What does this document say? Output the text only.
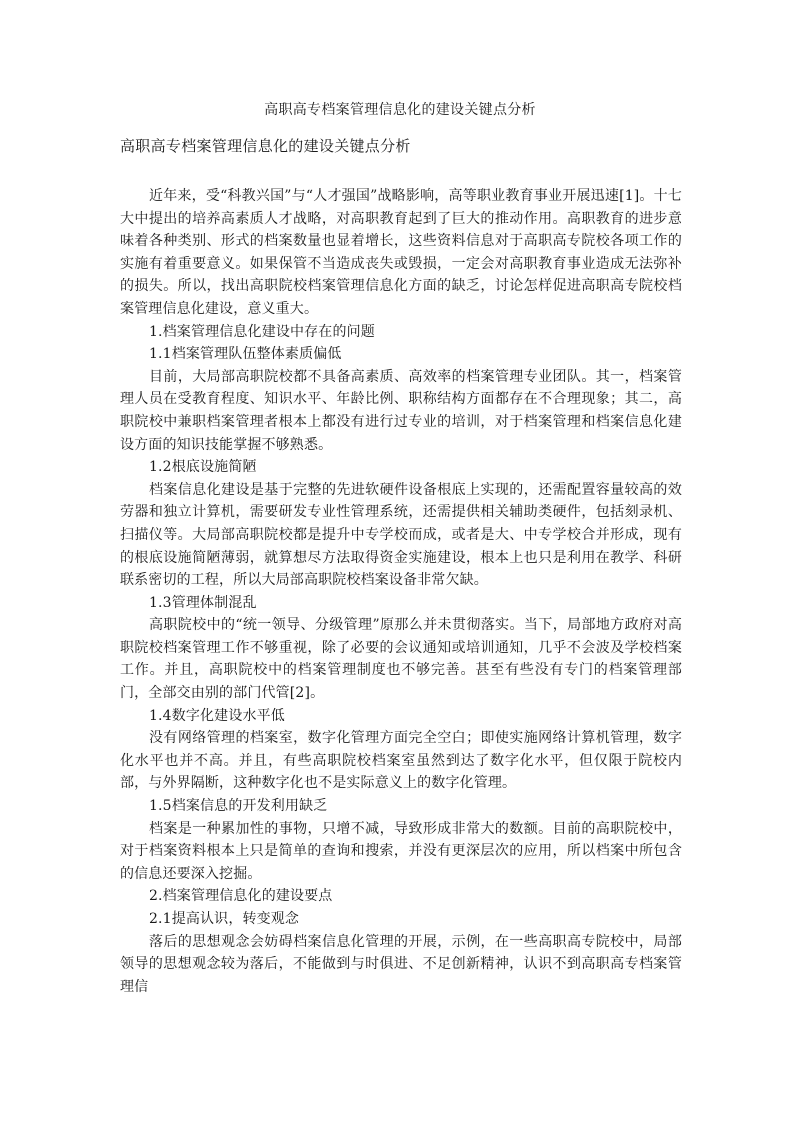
高职高专档案管理信息化的建设关键点分析
高职高专档案管理信息化的建设关键点分析

近年来，受“科教兴国”与“人才强国”战略影响，高等职业教育事业开展迅速[1]。十七大中提出的培养高素质人才战略，对高职教育起到了巨大的推动作用。高职教育的进步意味着各种类别、形式的档案数量也显着增长，这些资料信息对于高职高专院校各项工作的实施有着重要意义。如果保管不当造成丧失或毁损，一定会对高职教育事业造成无法弥补的损失。所以，找出高职院校档案管理信息化方面的缺乏，讨论怎样促进高职高专院校档案管理信息化建设，意义重大。

1.档案管理信息化建设中存在的问题

1.1档案管理队伍整体素质偏低

目前，大局部高职院校都不具备高素质、高效率的档案管理专业团队。其一，档案管理人员在受教育程度、知识水平、年龄比例、职称结构方面都存在不合理现象；其二，高职院校中兼职档案管理者根本上都没有进行过专业的培训，对于档案管理和档案信息化建设方面的知识技能掌握不够熟悉。

1.2根底设施简陋

档案信息化建设是基于完整的先进软硬件设备根底上实现的，还需配置容量较高的效劳器和独立计算机，需要研发专业性管理系统，还需提供相关辅助类硬件，包括刻录机、扫描仪等。大局部高职院校都是提升中专学校而成，或者是大、中专学校合并形成，现有的根底设施简陋薄弱，就算想尽方法取得资金实施建设，根本上也只是利用在教学、科研联系密切的工程，所以大局部高职院校档案设备非常欠缺。

1.3管理体制混乱

高职院校中的“统一领导、分级管理”原那么并未贯彻落实。当下，局部地方政府对高职院校档案管理工作不够重视，除了必要的会议通知或培训通知，几乎不会波及学校档案工作。并且，高职院校中的档案管理制度也不够完善。甚至有些没有专门的档案管理部门，全部交由别的部门代管[2]。

1.4数字化建设水平低

没有网络管理的档案室，数字化管理方面完全空白；即使实施网络计算机管理，数字化水平也并不高。并且，有些高职院校档案室虽然到达了数字化水平，但仅限于院校内部，与外界隔断，这种数字化也不是实际意义上的数字化管理。

1.5档案信息的开发利用缺乏

档案是一种累加性的事物，只增不减，导致形成非常大的数额。目前的高职院校中，对于档案资料根本上只是简单的查询和搜索，并没有更深层次的应用，所以档案中所包含的信息还要深入挖掘。

2.档案管理信息化的建设要点

2.1提高认识，转变观念

落后的思想观念会妨碍档案信息化管理的开展，示例，在一些高职高专院校中，局部领导的思想观念较为落后，不能做到与时俱进、不足创新精神，认识不到高职高专档案管理信
